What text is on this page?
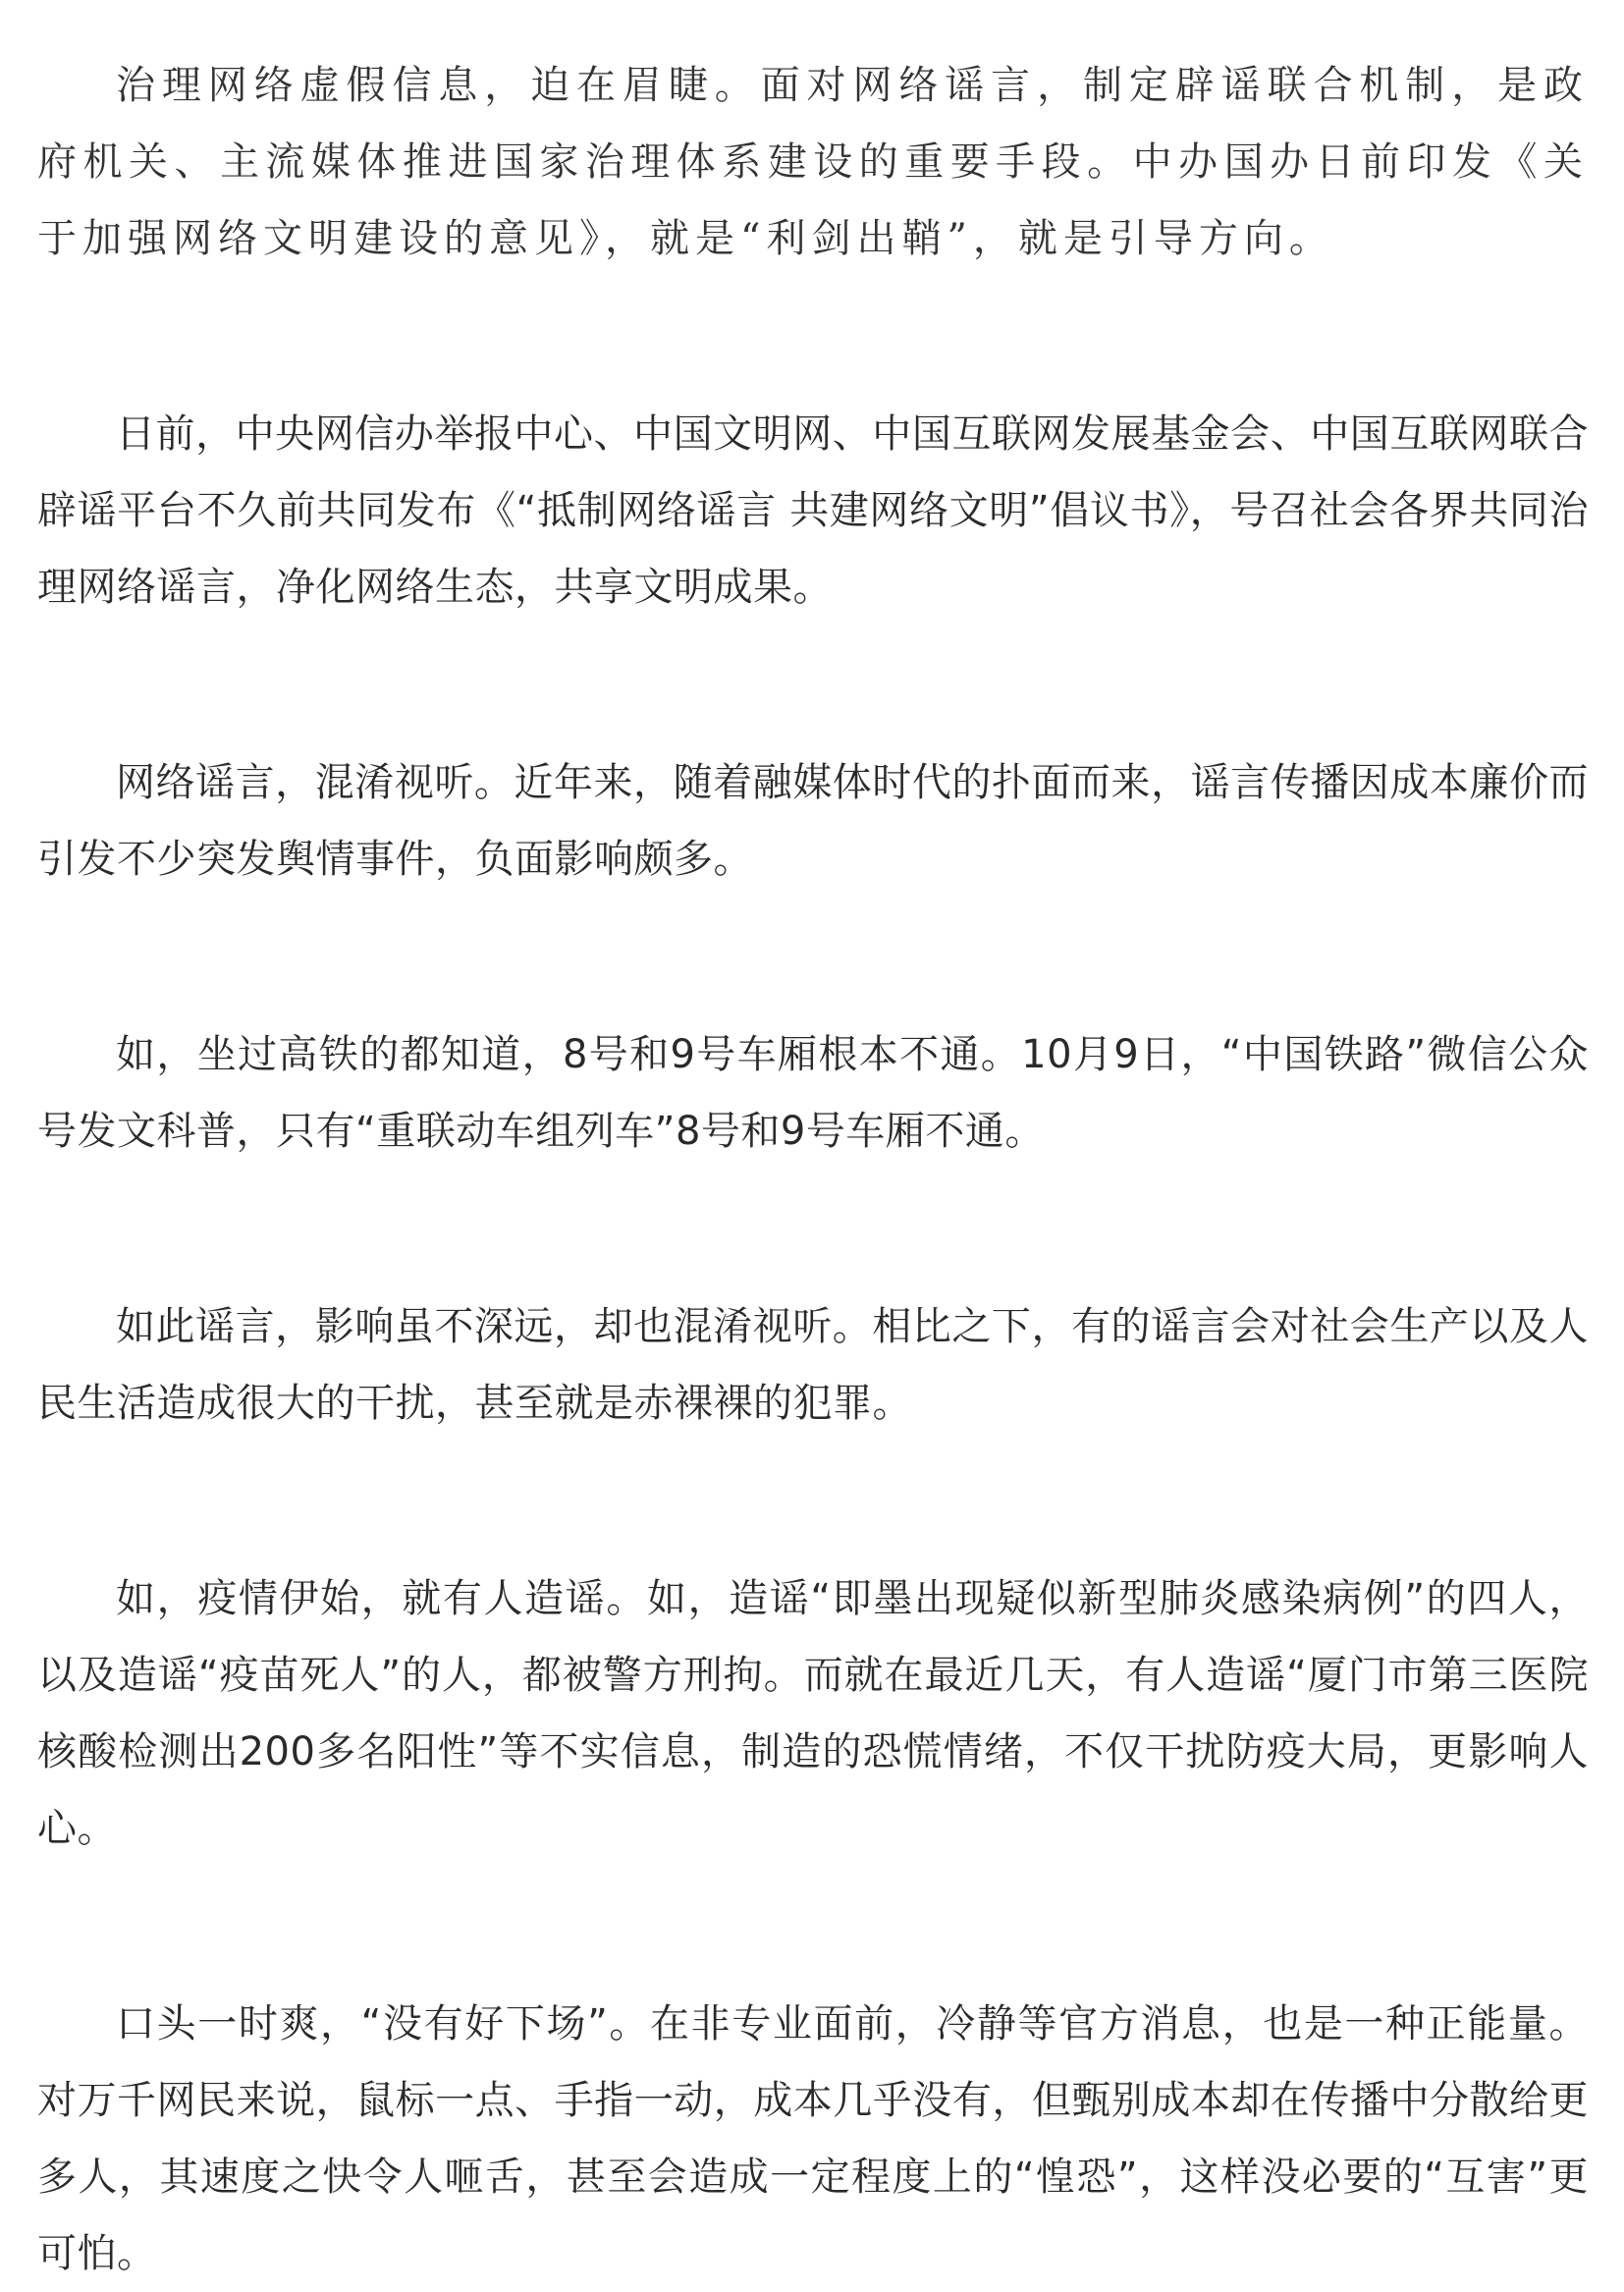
治理网络虚假信息，迫在眉睫。面对网络谣言，制定辟谣联合机制，是政府机关、主流媒体推进国家治理体系建设的重要手段。中办国办日前印发《关于加强网络文明建设的意见》，就是“利剑出鞘”，就是引导方向。

日前，中央网信办举报中心、中国文明网、中国互联网发展基金会、中国互联网联合辟谣平台不久前共同发布《“抵制网络谣言 共建网络文明”倡议书》，号召社会各界共同治理网络谣言，净化网络生态，共享文明成果。

网络谣言，混淆视听。近年来，随着融媒体时代的扑面而来，谣言传播因成本廉价而引发不少突发舆情事件，负面影响颇多。

如，坐过高铁的都知道，8号和9号车厢根本不通。10月9日，“中国铁路”微信公众号发文科普，只有“重联动车组列车”8号和9号车厢不通。

如此谣言，影响虽不深远，却也混淆视听。相比之下，有的谣言会对社会生产以及人民生活造成很大的干扰，甚至就是赤裸裸的犯罪。

如，疫情伊始，就有人造谣。如，造谣“即墨出现疑似新型肺炎感染病例”的四人，以及造谣“疫苗死人”的人，都被警方刑拘。而就在最近几天，有人造谣“厦门市第三医院核酸检测出200多名阳性”等不实信息，制造的恐慌情绪，不仅干扰防疫大局，更影响人心。

口头一时爽，“没有好下场”。在非专业面前，冷静等官方消息，也是一种正能量。对万千网民来说，鼠标一点、手指一动，成本几乎没有，但甄别成本却在传播中分散给更多人，其速度之快令人咂舌，甚至会造成一定程度上的“惶恐”，这样没必要的“互害”更可怕。
